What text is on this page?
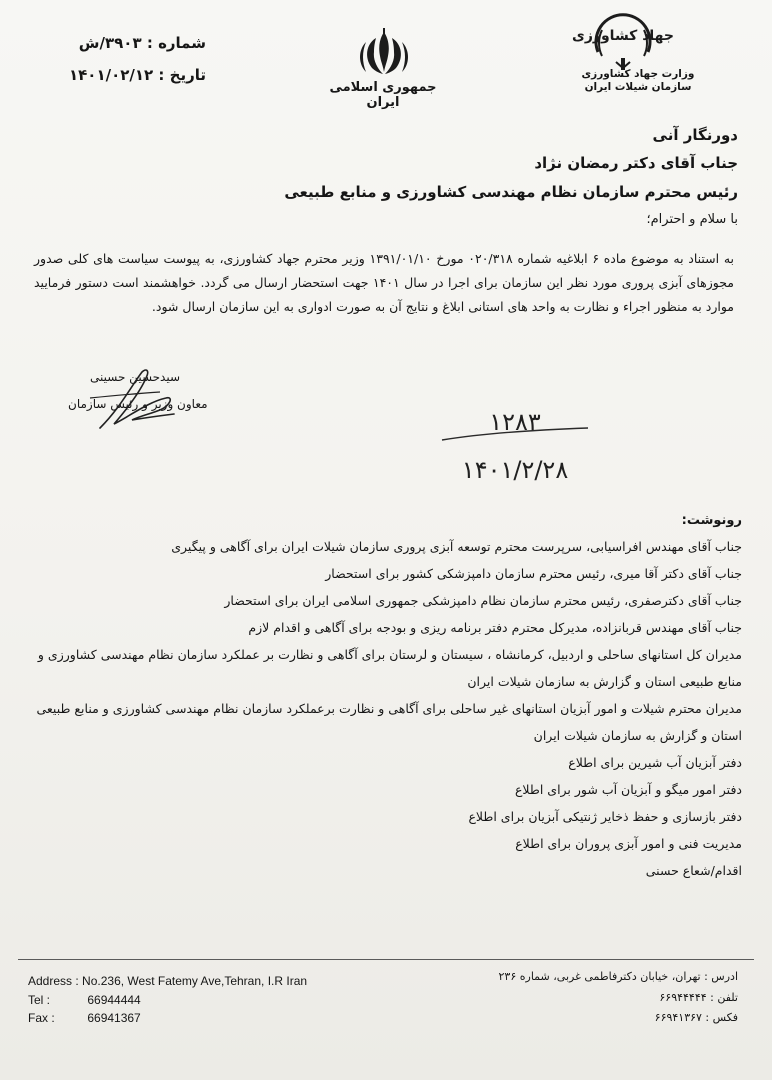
شماره : ۳۹۰۳/ش
تاریخ : ۱۴۰۱/۰۲/۱۲
جمهوری اسلامی ایران
جهاد کشاورزی
وزارت جهاد کشاورزی
سازمان شیلات ایران
دورنگار آنی
جناب آقای دکتر رمضان نژاد
رئیس محترم سازمان نظام مهندسی کشاورزی و منابع طبیعی
با سلام و احترام؛
به استناد به موضوع ماده ۶ ابلاغیه شماره ۰۲۰/۳۱۸ مورخ ۱۳۹۱/۰۱/۱۰ وزیر محترم جهاد کشاورزی، به پیوست سیاست های کلی صدور مجوزهای آبزی پروری مورد نظر این سازمان برای اجرا در سال ۱۴۰۱ جهت استحضار ارسال می گردد. خواهشمند است دستور فرمایید موارد به منظور اجراء و نظارت به واحد های استانی ابلاغ و نتایج آن به صورت ادواری به این سازمان ارسال شود.
سیدحسین حسینی
معاون وزیر و رئیس سازمان
۱۲۸۳
۱۴۰۱/۲/۲۸
رونوشت:

جناب آقای مهندس افراسیابی، سرپرست محترم توسعه آبزی پروری سازمان شیلات ایران برای آگاهی و پیگیری

جناب آقای دکتر آقا میری، رئیس محترم سازمان دامپزشکی کشور برای استحضار

جناب آقای دکترصفری، رئیس محترم سازمان نظام دامپزشکی جمهوری اسلامی ایران برای استحضار

جناب آقای مهندس قربانزاده، مدیرکل محترم دفتر برنامه ریزی و بودجه برای آگاهی و اقدام لازم

مدیران کل استانهای ساحلی و اردبیل، کرمانشاه ، سیستان و لرستان برای آگاهی و نظارت بر عملکرد سازمان نظام مهندسی کشاورزی و منابع طبیعی استان و گزارش به سازمان شیلات ایران

مدیران محترم شیلات و امور آبزیان استانهای غیر ساحلی برای آگاهی و نظارت برعملکرد سازمان نظام مهندسی کشاورزی و منابع طبیعی استان و گزارش به سازمان شیلات ایران

دفتر آبزیان آب شیرین برای اطلاع

دفتر امور میگو و آبزیان آب شور برای اطلاع

دفتر بازسازی و حفظ ذخایر ژنتیکی آبزیان برای اطلاع

مدیریت فنی و امور آبزی پروران برای اطلاع

اقدام/شعاع حسنی

Address : No.236, West Fatemy Ave,Tehran, I.R Iran
Tel :	66944444
Fax :	66941367
ادرس : تهران، خیابان دکترفاطمی غربی، شماره ۲۳۶
تلفن : ۶۶۹۴۴۴۴۴
فکس : ۶۶۹۴۱۳۶۷
